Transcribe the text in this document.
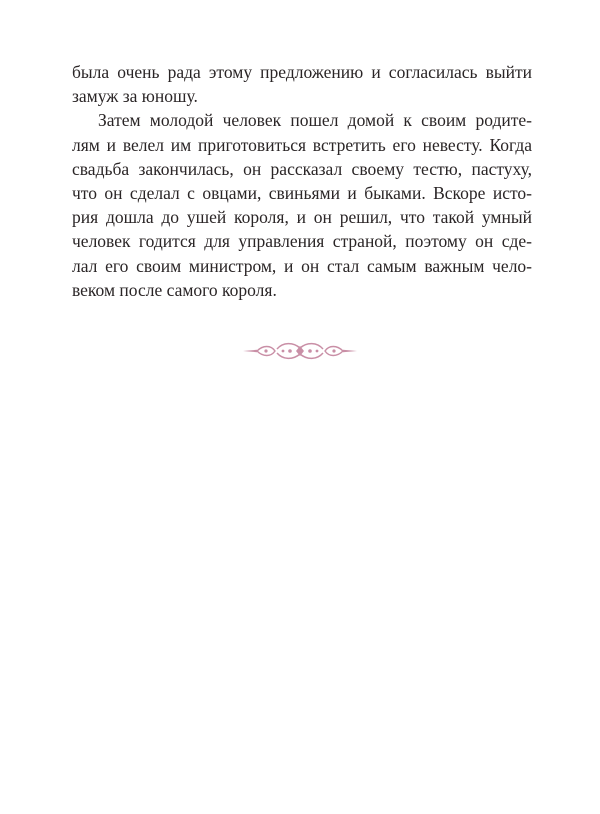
была очень рада этому предложению и согласилась выйти
замуж за юношу.
Затем молодой человек пошел домой к своим родите-
лям и велел им приготовиться встретить его невесту. Когда
свадьба закончилась, он рассказал своему тестю, пастуху,
что он сделал с овцами, свиньями и быками. Вскоре исто-
рия дошла до ушей короля, и он решил, что такой умный
человек годится для управления страной, поэтому он сде-
лал его своим министром, и он стал самым важным чело-
веком после самого короля.
